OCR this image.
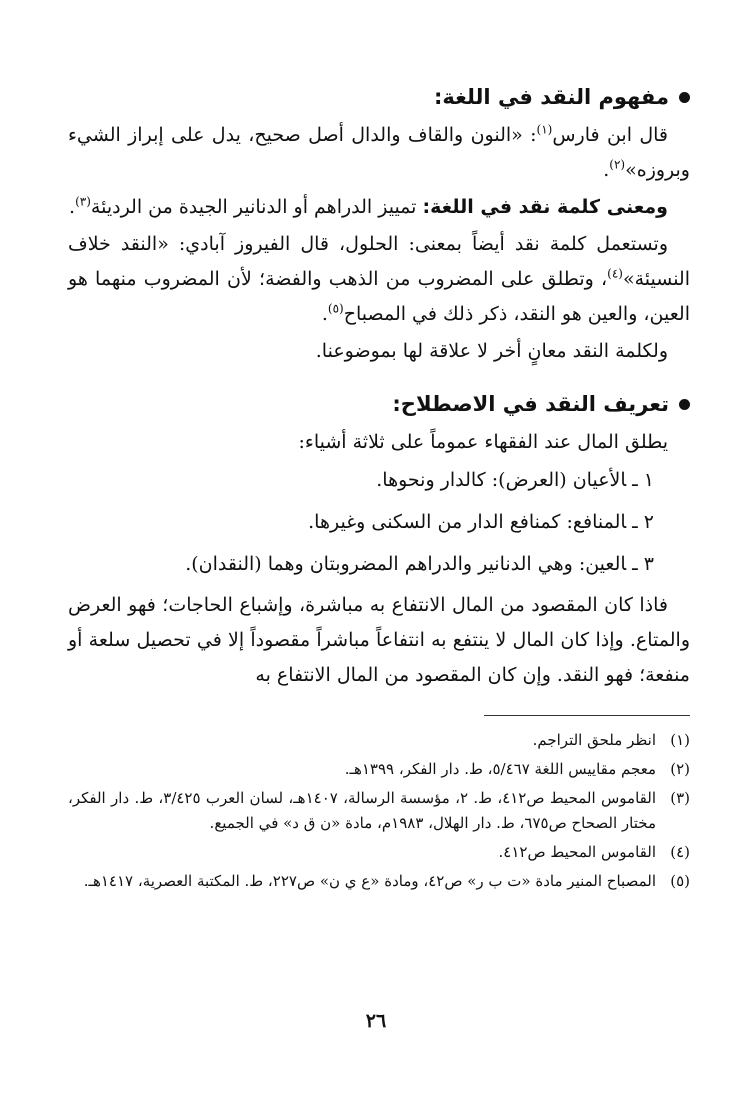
مفهوم النقد في اللغة:

قال ابن فارس$^{(١)}$: «النون والقاف والدال أصل صحيح، يدل على إبراز الشيء وبروزه»$^{(٢)}$.

ومعنى كلمة نقد في اللغة: تمييز الدراهم أو الدنانير الجيدة من الرديئة$^{(٣)}$.

وتستعمل كلمة نقد أيضاً بمعنى: الحلول، قال الفيروز آبادي: «النقد خلاف النسيئة»$^{(٤)}$، وتطلق على المضروب من الذهب والفضة؛ لأن المضروب منهما هو العين، والعين هو النقد، ذكر ذلك في المصباح$^{(٥)}$.

ولكلمة النقد معانٍ أخر لا علاقة لها بموضوعنا.

تعريف النقد في الاصطلاح:

يطلق المال عند الفقهاء عموماً على ثلاثة أشياء:

١ ـالأعيان (العرض): كالدار ونحوها.
٢ ـالمنافع: كمنافع الدار من السكنى وغيرها.
٣ ـالعين: وهي الدنانير والدراهم المضروبتان وهما (النقدان).

فاذا كان المقصود من المال الانتفاع به مباشرة، وإشباع الحاجات؛ فهو العرض والمتاع. وإذا كان المال لا ينتفع به انتفاعاً مباشراً مقصوداً إلا في تحصيل سلعة أو منفعة؛ فهو النقد. وإن كان المقصود من المال الانتفاع به

(١)
انظر ملحق التراجم.
(٢)
معجم مقاييس اللغة ٥/٤٦٧، ط. دار الفكر، ١٣٩٩هـ.
(٣)
القاموس المحيط ص٤١٢، ط. ٢، مؤسسة الرسالة، ١٤٠٧هـ، لسان العرب ٣/٤٢٥، ط. دار الفكر، مختار الصحاح ص٦٧٥، ط. دار الهلال، ١٩٨٣م، مادة «ن ق د» في الجميع.
(٤)
القاموس المحيط ص٤١٢.
(٥)
المصباح المنير مادة «ت ب ر» ص٤٢، ومادة «ع ي ن» ص٢٢٧، ط. المكتبة العصرية، ١٤١٧هـ.
٢٦
